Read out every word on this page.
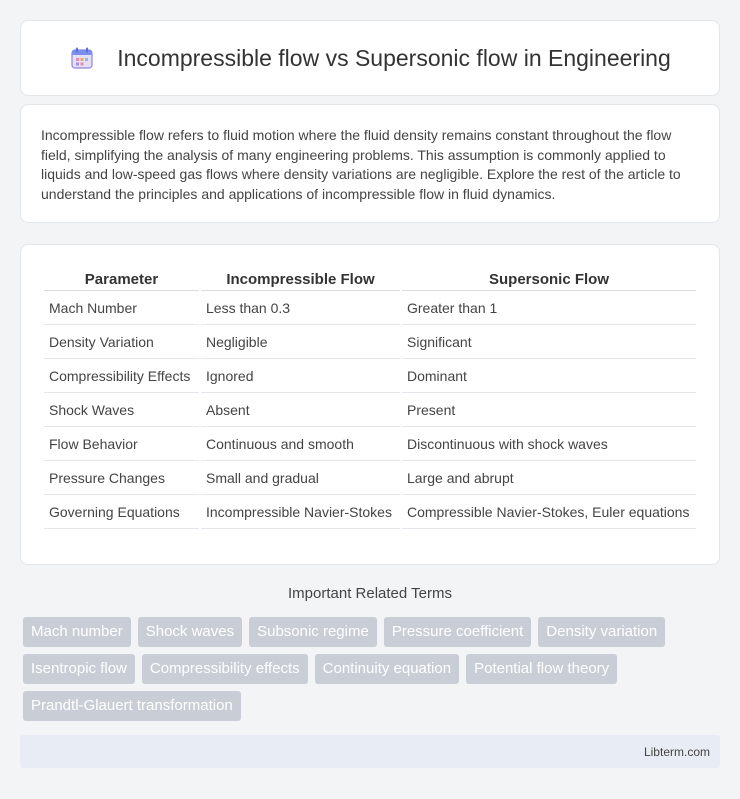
Incompressible flow vs Supersonic flow in Engineering

Incompressible flow refers to fluid motion where the fluid density remains constant throughout the flow field, simplifying the analysis of many engineering problems. This assumption is commonly applied to liquids and low-speed gas flows where density variations are negligible. Explore the rest of the article to understand the principles and applications of incompressible flow in fluid dynamics.

Parameter	Incompressible Flow	Supersonic Flow
Mach Number	Less than 0.3	Greater than 1
Density Variation	Negligible	Significant
Compressibility Effects	Ignored	Dominant
Shock Waves	Absent	Present
Flow Behavior	Continuous and smooth	Discontinuous with shock waves
Pressure Changes	Small and gradual	Large and abrupt
Governing Equations	Incompressible Navier-Stokes	Compressible Navier-Stokes, Euler equations
Important Related Terms
Mach number	Shock waves	Subsonic regime	Pressure coefficient	Density variation
Isentropic flow	Compressibility effects	Continuity equation	Potential flow theory
Prandtl-Glauert transformation
Libterm.com
